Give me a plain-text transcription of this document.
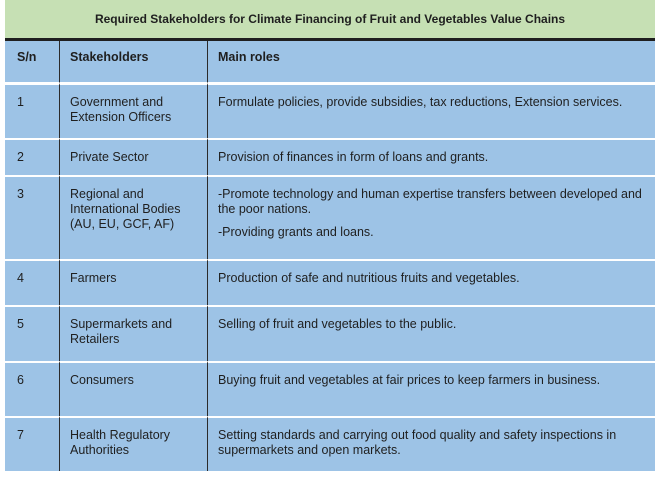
Required Stakeholders for Climate Financing of Fruit and Vegetables Value Chains		
S/n	Stakeholders	Main roles
1	Government and Extension Officers	Formulate policies, provide subsidies, tax reductions, Extension services.

2	Private Sector	Provision of finances in form of loans and grants.

3	Regional and International Bodies (AU, EU, GCF, AF)	-Promote technology and human expertise transfers between developed and the poor nations.

-Providing grants and loans.

4	Farmers	Production of safe and nutritious fruits and vegetables.

5	Supermarkets and Retailers	Selling of fruit and vegetables to the public.

6	Consumers	Buying fruit and vegetables at fair prices to keep farmers in business.

7	Health Regulatory Authorities	Setting standards and carrying out food quality and safety inspections in supermarkets and open markets.
